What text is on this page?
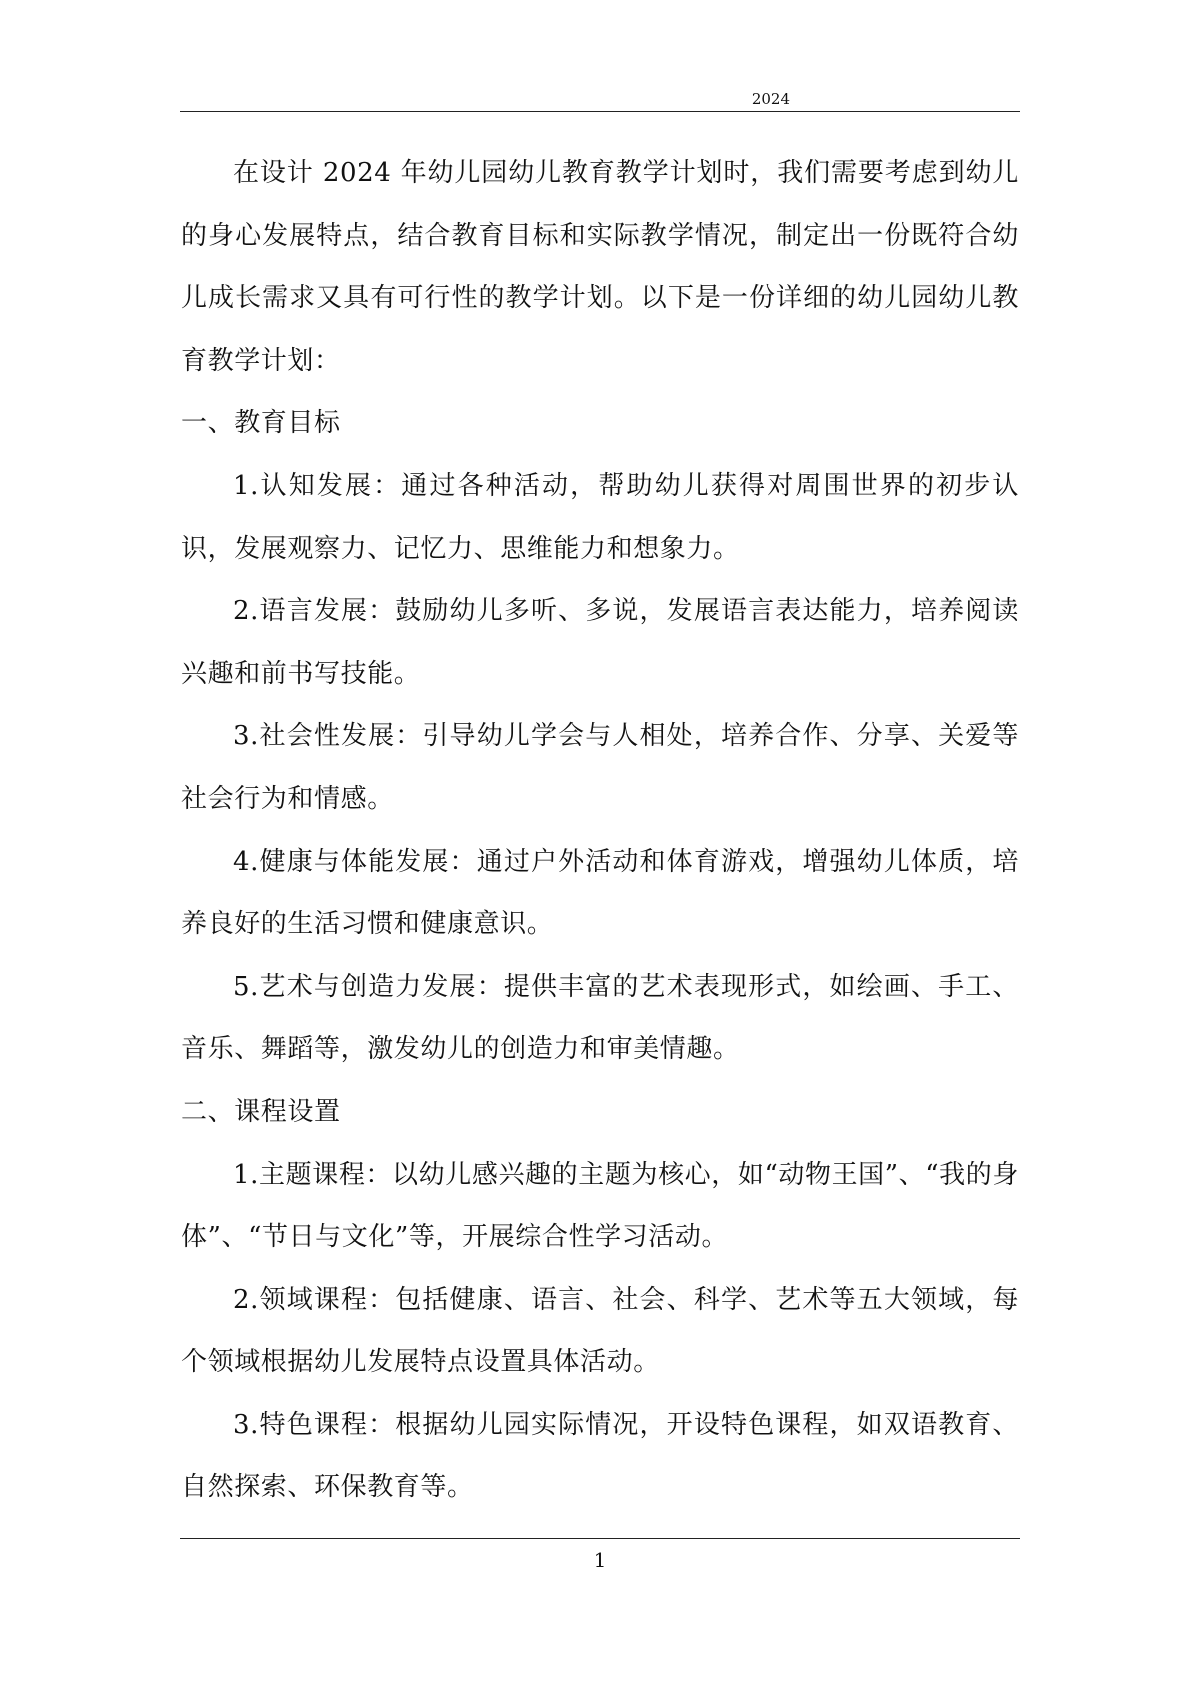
2024

在设计 2024 年幼儿园幼儿教育教学计划时，我们需要考虑到幼儿的身心发展特点，结合教育目标和实际教学情况，制定出一份既符合幼儿成长需求又具有可行性的教学计划。以下是一份详细的幼儿园幼儿教育教学计划：

一、教育目标

1.认知发展：通过各种活动，帮助幼儿获得对周围世界的初步认识，发展观察力、记忆力、思维能力和想象力。

2.语言发展：鼓励幼儿多听、多说，发展语言表达能力，培养阅读兴趣和前书写技能。

3.社会性发展：引导幼儿学会与人相处，培养合作、分享、关爱等社会行为和情感。

4.健康与体能发展：通过户外活动和体育游戏，增强幼儿体质，培养良好的生活习惯和健康意识。

5.艺术与创造力发展：提供丰富的艺术表现形式，如绘画、手工、音乐、舞蹈等，激发幼儿的创造力和审美情趣。

二、课程设置

1.主题课程：以幼儿感兴趣的主题为核心，如“动物王国”、“我的身体”、“节日与文化”等，开展综合性学习活动。

2.领域课程：包括健康、语言、社会、科学、艺术等五大领域，每个领域根据幼儿发展特点设置具体活动。

3.特色课程：根据幼儿园实际情况，开设特色课程，如双语教育、自然探索、环保教育等。

1
